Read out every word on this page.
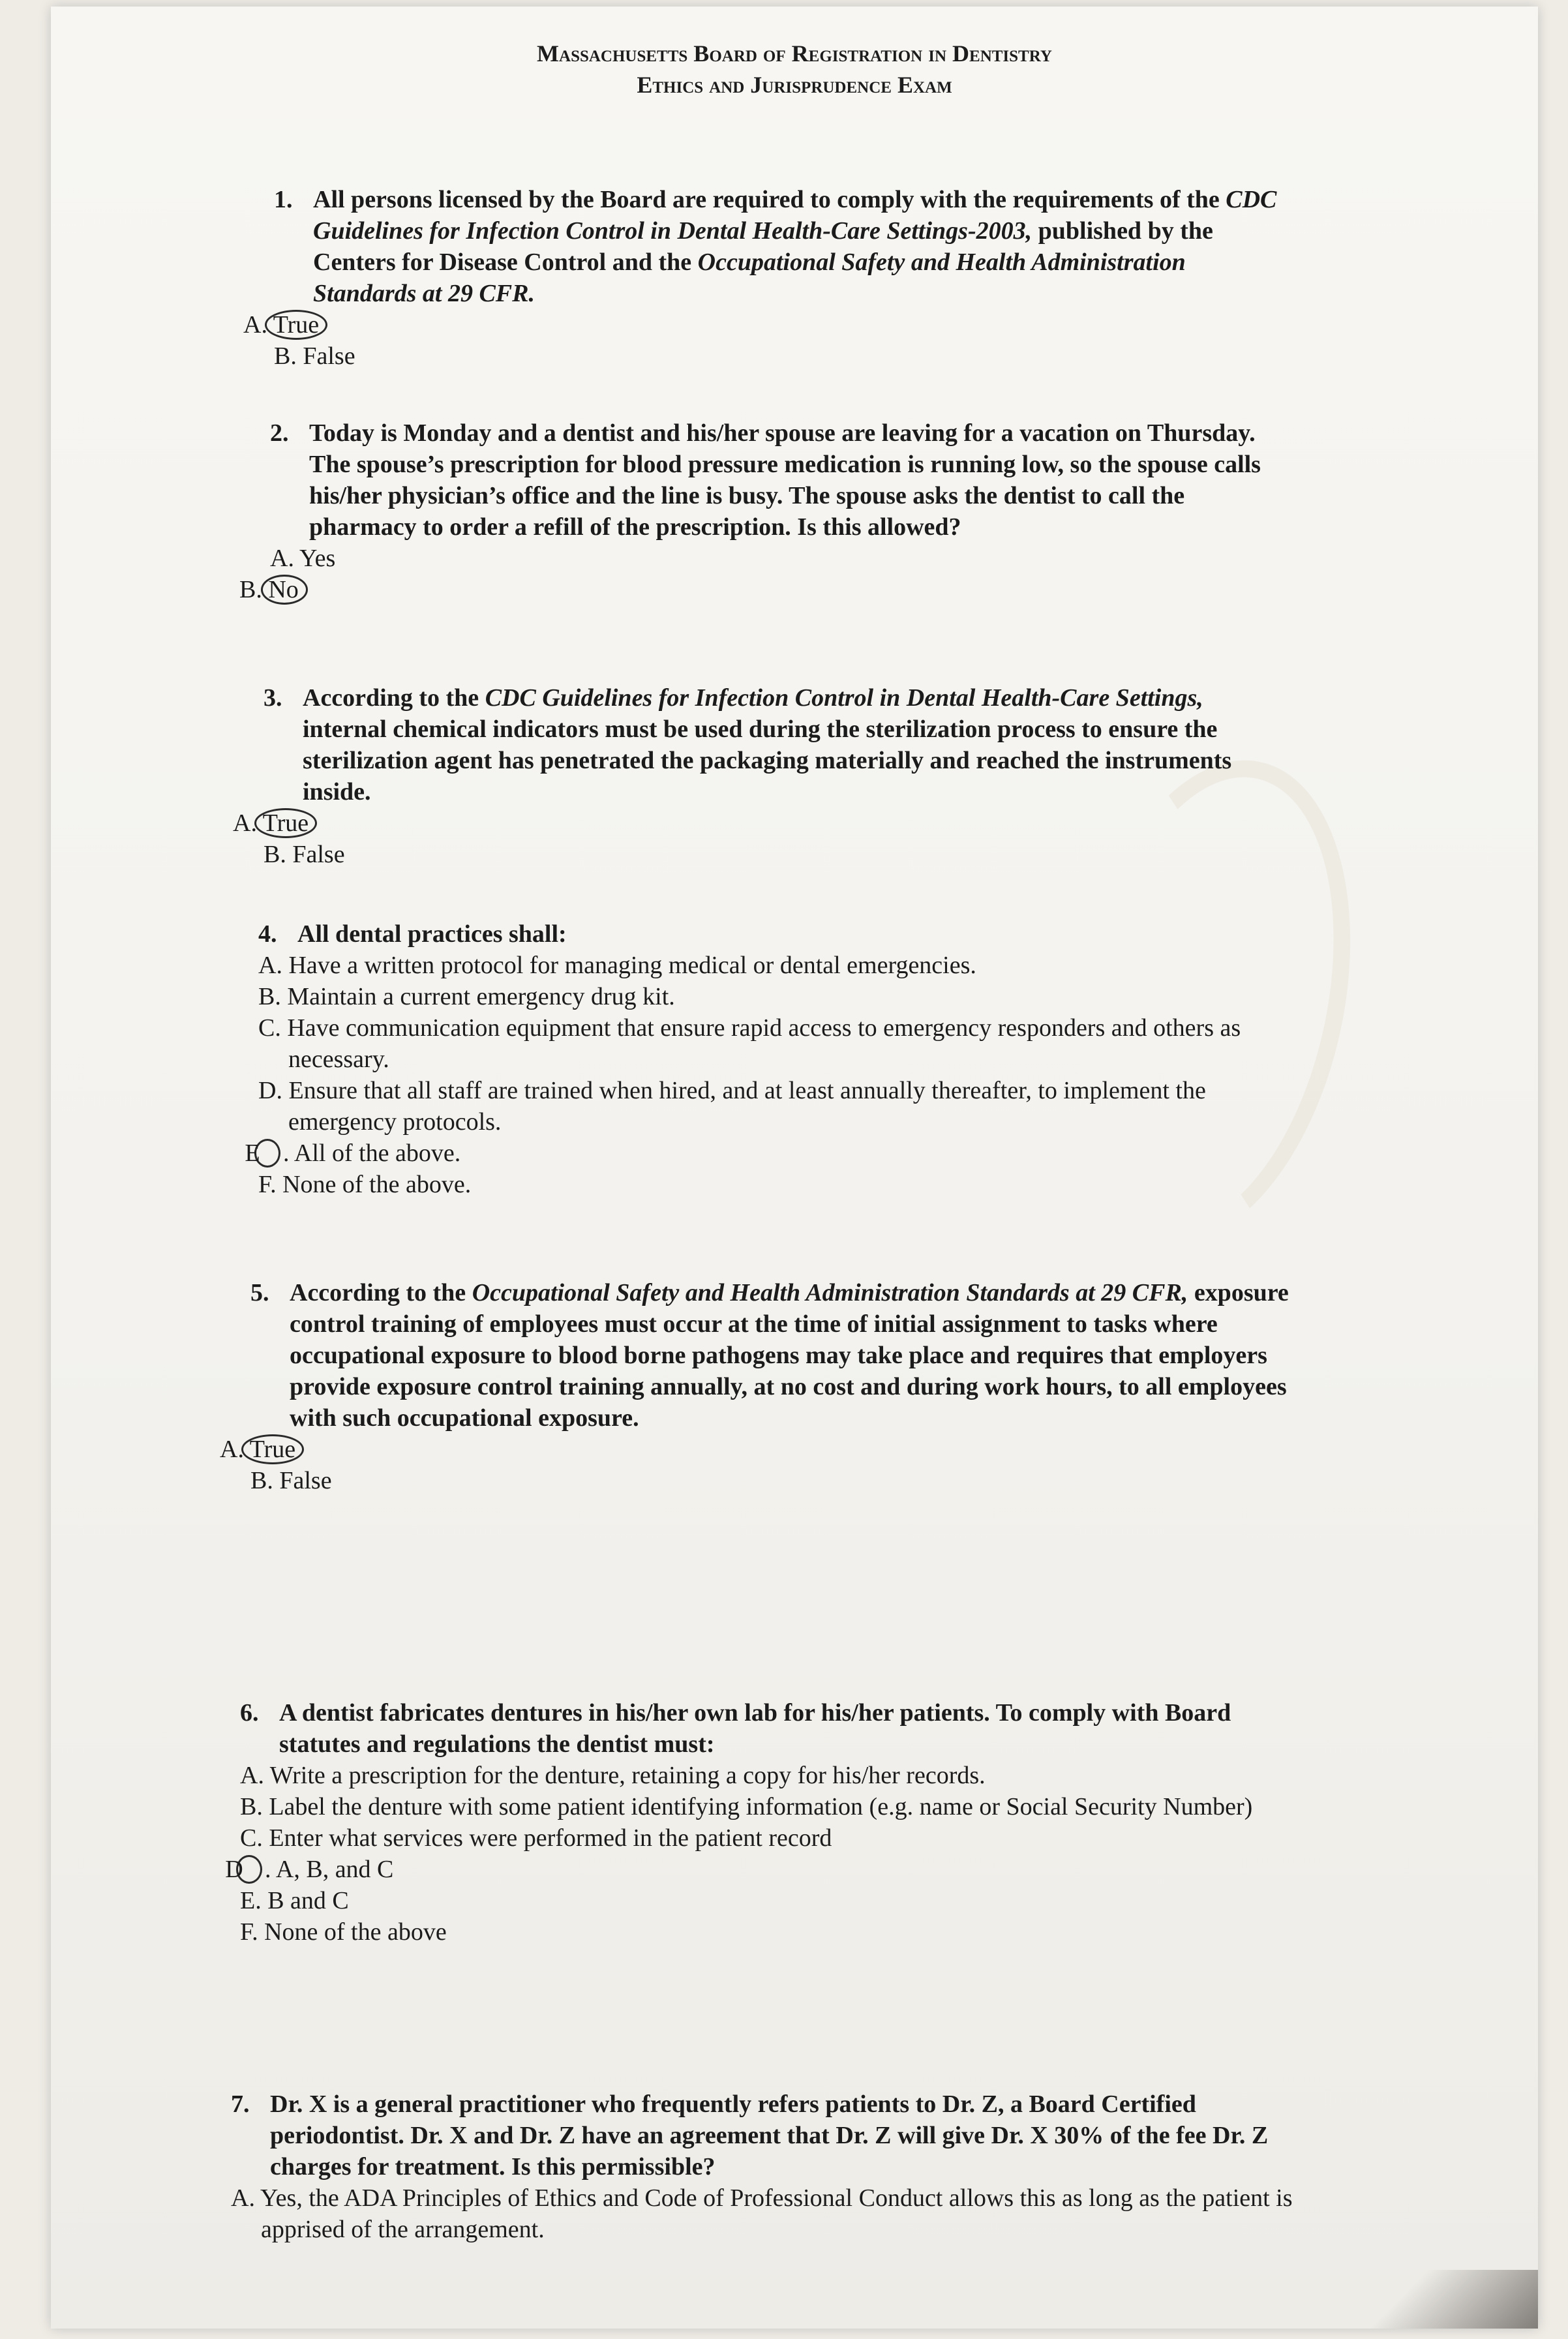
Massachusetts Board of Registration in Dentistry
Ethics and Jurisprudence Exam
1. All persons licensed by the Board are required to comply with the requirements of the CDC Guidelines for Infection Control in Dental Health-Care Settings-2003, published by the Centers for Disease Control and the Occupational Safety and Health Administration Standards at 29 CFR.
A. True
B. False
2. Today is Monday and a dentist and his/her spouse are leaving for a vacation on Thursday. The spouse’s prescription for blood pressure medication is running low, so the spouse calls his/her physician’s office and the line is busy. The spouse asks the dentist to call the pharmacy to order a refill of the prescription. Is this allowed?
A. Yes
B. No
3. According to the CDC Guidelines for Infection Control in Dental Health-Care Settings, internal chemical indicators must be used during the sterilization process to ensure the sterilization agent has penetrated the packaging materially and reached the instruments inside.
A. True
B. False
4. All dental practices shall:
A. Have a written protocol for managing medical or dental emergencies.
B. Maintain a current emergency drug kit.
C. Have communication equipment that ensure rapid access to emergency responders and others as necessary.
D. Ensure that all staff are trained when hired, and at least annually thereafter, to implement the emergency protocols.
E . All of the above.
F. None of the above.
5. According to the Occupational Safety and Health Administration Standards at 29 CFR, exposure control training of employees must occur at the time of initial assignment to tasks where occupational exposure to blood borne pathogens may take place and requires that employers provide exposure control training annually, at no cost and during work hours, to all employees with such occupational exposure.
A. True
B. False
6. A dentist fabricates dentures in his/her own lab for his/her patients. To comply with Board statutes and regulations the dentist must:
A. Write a prescription for the denture, retaining a copy for his/her records.
B. Label the denture with some patient identifying information (e.g. name or Social Security Number)
C. Enter what services were performed in the patient record
D . A, B, and C
E. B and C
F. None of the above
7. Dr. X is a general practitioner who frequently refers patients to Dr. Z, a Board Certified periodontist. Dr. X and Dr. Z have an agreement that Dr. Z will give Dr. X 30% of the fee Dr. Z charges for treatment. Is this permissible?
A. Yes, the ADA Principles of Ethics and Code of Professional Conduct allows this as long as the patient is apprised of the arrangement.
